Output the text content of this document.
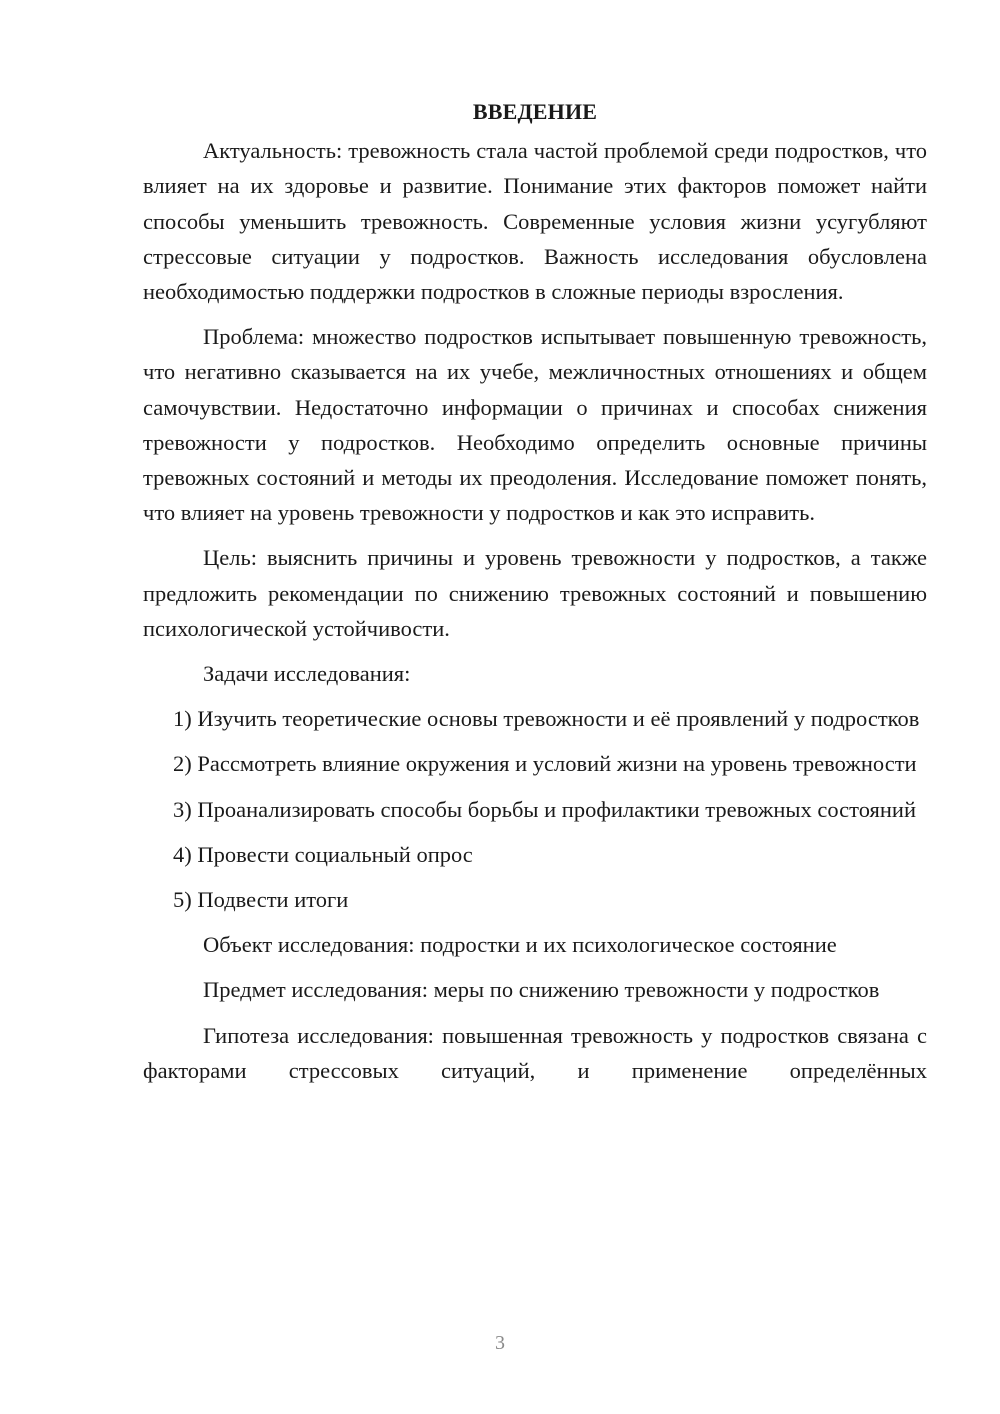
ВВЕДЕНИЕ

Актуальность: тревожность стала частой проблемой среди подростков, что влияет на их здоровье и развитие. Понимание этих факторов поможет найти способы уменьшить тревожность. Современные условия жизни усугубляют стрессовые ситуации у подростков. Важность исследования обусловлена необходимостью поддержки подростков в сложные периоды взросления.

Проблема: множество подростков испытывает повышенную тревожность, что негативно сказывается на их учебе, межличностных отношениях и общем самочувствии. Недостаточно информации о причинах и способах снижения тревожности у подростков. Необходимо определить основные причины тревожных состояний и методы их преодоления. Исследование поможет понять, что влияет на уровень тревожности у подростков и как это исправить.

Цель: выяснить причины и уровень тревожности у подростков, а также предложить рекомендации по снижению тревожных состояний и повышению психологической устойчивости.

Задачи исследования:

1) Изучить теоретические основы тревожности и её проявлений у подростков

2) Рассмотреть влияние окружения и условий жизни на уровень тревожности

3) Проанализировать способы борьбы и профилактики тревожных состояний

4) Провести социальный опрос

5) Подвести итоги

Объект исследования: подростки и их психологическое состояние

Предмет исследования: меры по снижению тревожности у подростков

Гипотеза исследования: повышенная тревожность у подростков связана с факторами стрессовых ситуаций, и применение определённых

3
